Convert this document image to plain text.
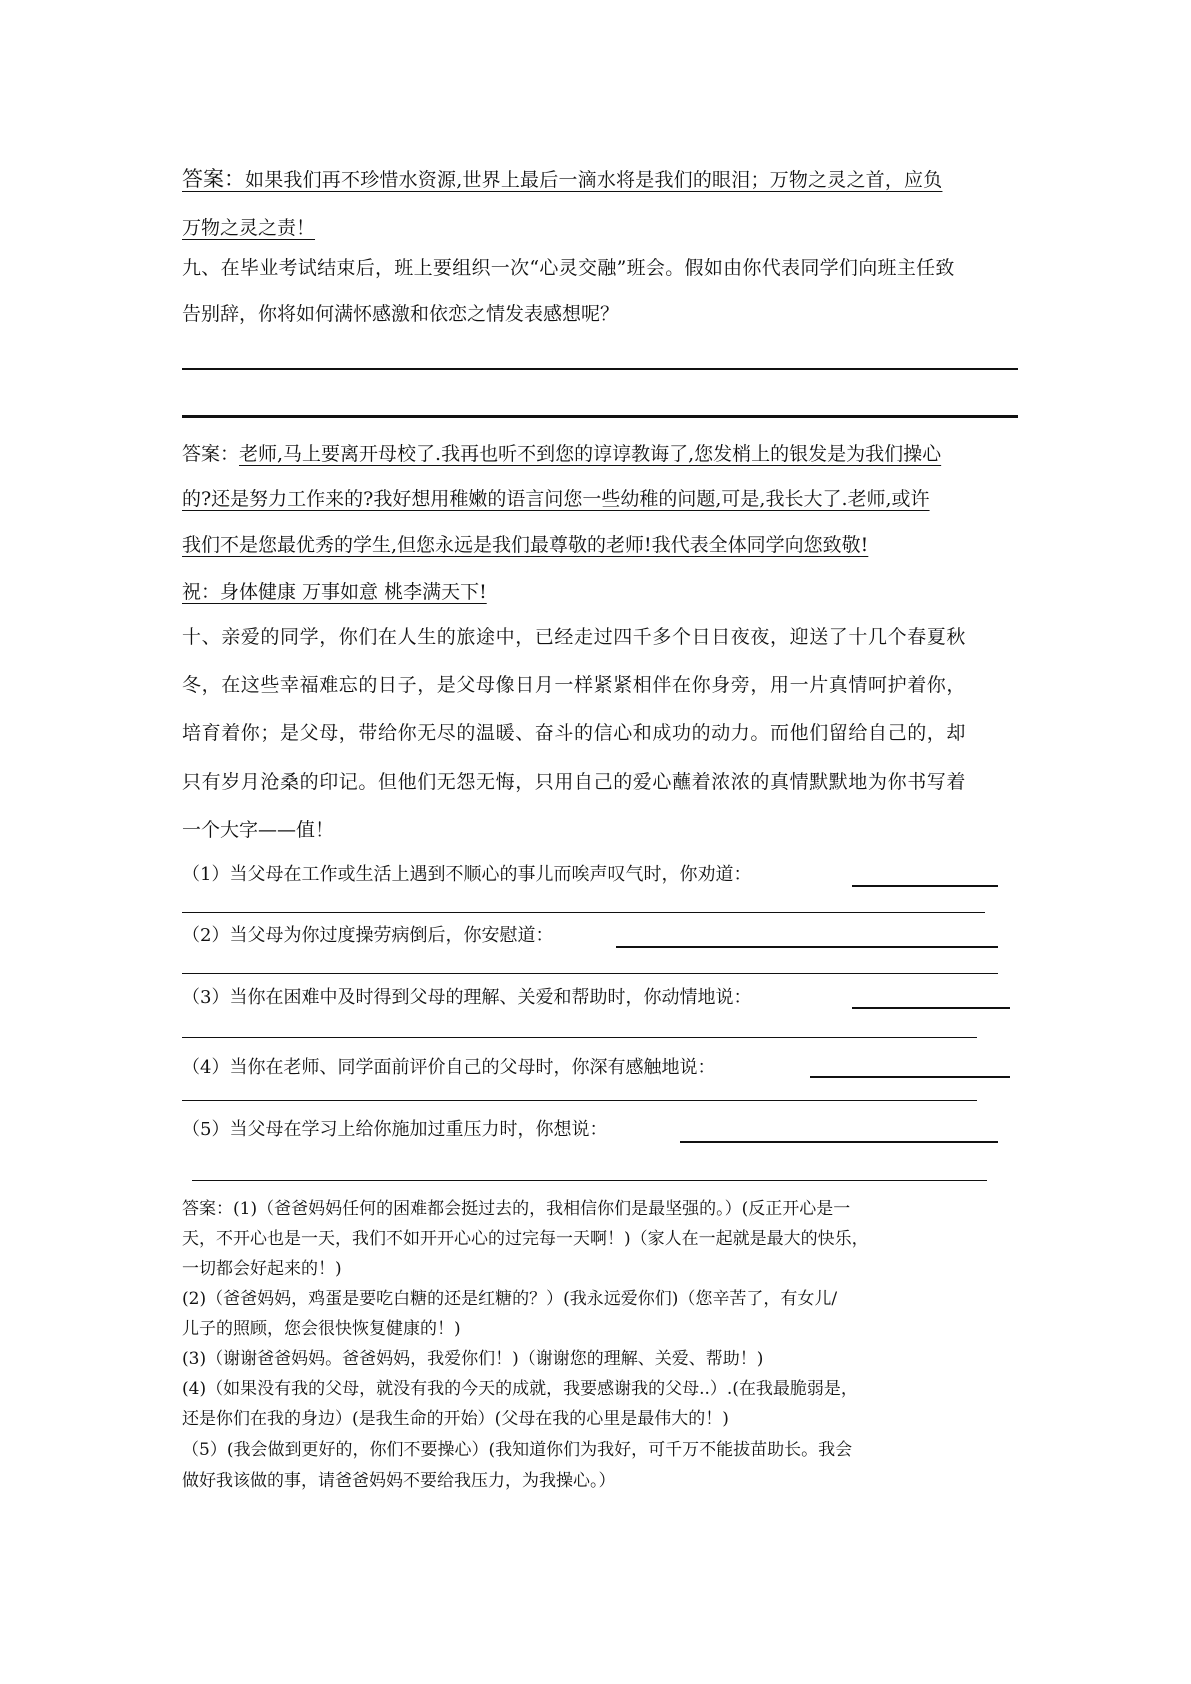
答案：如果我们再不珍惜水资源,世界上最后一滴水将是我们的眼泪；万物之灵之首，应负
万物之灵之责！
九、在毕业考试结束后，班上要组织一次“心灵交融”班会。假如由你代表同学们向班主任致
告别辞，你将如何满怀感激和依恋之情发表感想呢？
答案：老师,马上要离开母校了.我再也听不到您的谆谆教诲了,您发梢上的银发是为我们操心
的?还是努力工作来的?我好想用稚嫩的语言问您一些幼稚的问题,可是,我长大了.老师,或许
我们不是您最优秀的学生,但您永远是我们最尊敬的老师!我代表全体同学向您致敬!
祝：身体健康 万事如意 桃李满天下!
十、亲爱的同学，你们在人生的旅途中，已经走过四千多个日日夜夜，迎送了十几个春夏秋
冬，在这些幸福难忘的日子，是父母像日月一样紧紧相伴在你身旁，用一片真情呵护着你，
培育着你；是父母，带给你无尽的温暖、奋斗的信心和成功的动力。而他们留给自己的，却
只有岁月沧桑的印记。但他们无怨无悔，只用自己的爱心蘸着浓浓的真情默默地为你书写着
一个大字——值！
（1）当父母在工作或生活上遇到不顺心的事儿而唉声叹气时，你劝道：
（2）当父母为你过度操劳病倒后，你安慰道：
（3）当你在困难中及时得到父母的理解、关爱和帮助时，你动情地说：
（4）当你在老师、同学面前评价自己的父母时，你深有感触地说：
（5）当父母在学习上给你施加过重压力时，你想说：
答案：(1)（爸爸妈妈任何的困难都会挺过去的，我相信你们是最坚强的。）(反正开心是一
天，不开心也是一天，我们不如开开心心的过完每一天啊！)（家人在一起就是最大的快乐，
一切都会好起来的！)
(2)（爸爸妈妈，鸡蛋是要吃白糖的还是红糖的？）(我永远爱你们)（您辛苦了，有女儿/
儿子的照顾，您会很快恢复健康的！)
(3)（谢谢爸爸妈妈。爸爸妈妈，我爱你们！)（谢谢您的理解、关爱、帮助！)
(4)（如果没有我的父母，就没有我的今天的成就，我要感谢我的父母..）.(在我最脆弱是，
还是你们在我的身边）(是我生命的开始）(父母在我的心里是最伟大的！)
（5）(我会做到更好的，你们不要操心）(我知道你们为我好，可千万不能拔苗助长。我会
做好我该做的事，请爸爸妈妈不要给我压力，为我操心。）
